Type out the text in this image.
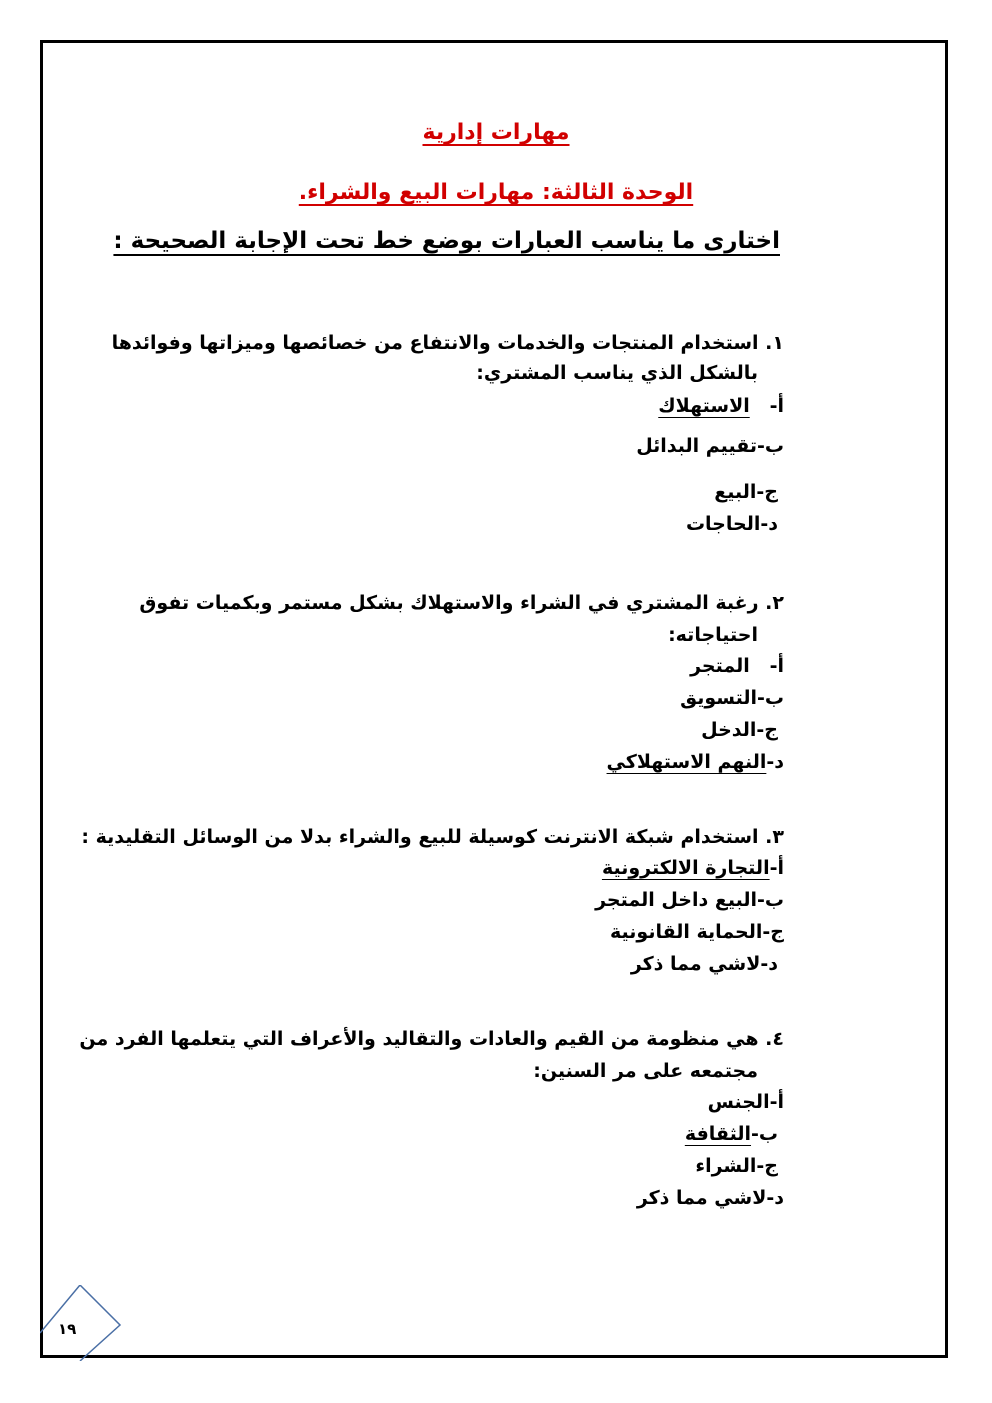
مهارات إدارية
الوحدة الثالثة: مهارات البيع والشراء.
اختارى ما يناسب العبارات بوضع خط تحت الإجابة الصحيحة :
١. استخدام المنتجات والخدمات والانتفاع من خصائصها وميزاتها وفوائدها
بالشكل الذي يناسب المشتري:
أ-   الاستهلاك
ب-تقييم البدائل
ج-البيع
د-الحاجات
٢. رغبة المشتري في الشراء والاستهلاك بشكل مستمر وبكميات تفوق
احتياجاته:
أ-   المتجر
ب-التسويق
ج-الدخل
د-النهم الاستهلاكي
٣. استخدام شبكة الانترنت كوسيلة للبيع والشراء بدلا من الوسائل التقليدية :
أ-التجارة الالكترونية
ب-البيع داخل المتجر
ج-الحماية القانونية
د-لاشي مما ذكر
٤. هي منظومة من القيم والعادات والتقاليد والأعراف التي يتعلمها الفرد من
مجتمعه على مر السنين:
أ-الجنس
ب-الثقافة
ج-الشراء
د-لاشي مما ذكر
١٩
